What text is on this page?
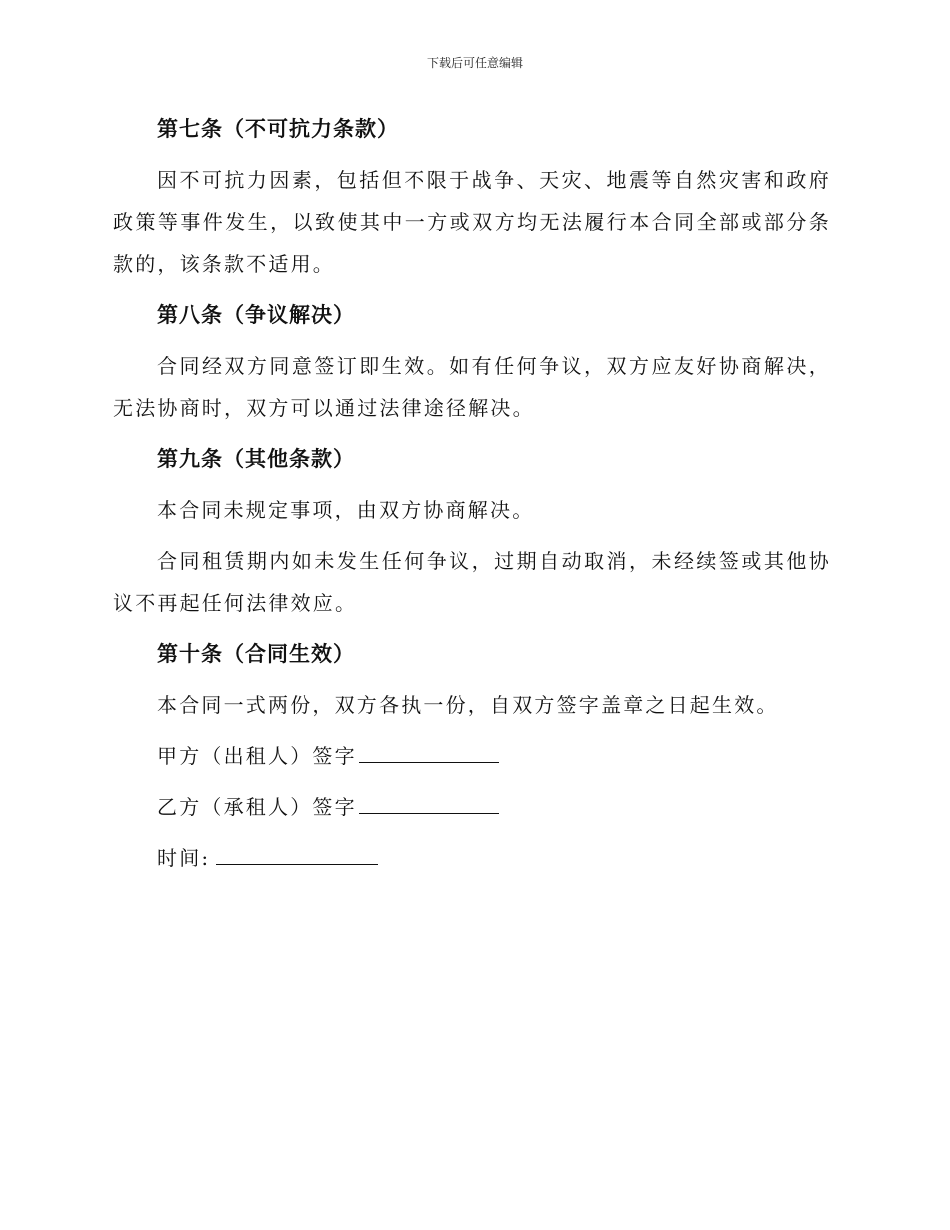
下载后可任意编辑
第七条（不可抗力条款）
因不可抗力因素，包括但不限于战争、天灾、地震等自然灾害和政府政策等事件发生，以致使其中一方或双方均无法履行本合同全部或部分条款的，该条款不适用。
第八条（争议解决）
合同经双方同意签订即生效。如有任何争议，双方应友好协商解决，无法协商时，双方可以通过法律途径解决。
第九条（其他条款）
本合同未规定事项，由双方协商解决。
合同租赁期内如未发生任何争议，过期自动取消，未经续签或其他协议不再起任何法律效应。
第十条（合同生效）
本合同一式两份，双方各执一份，自双方签字盖章之日起生效。
甲方（出租人）签字
乙方（承租人）签字
时间:
